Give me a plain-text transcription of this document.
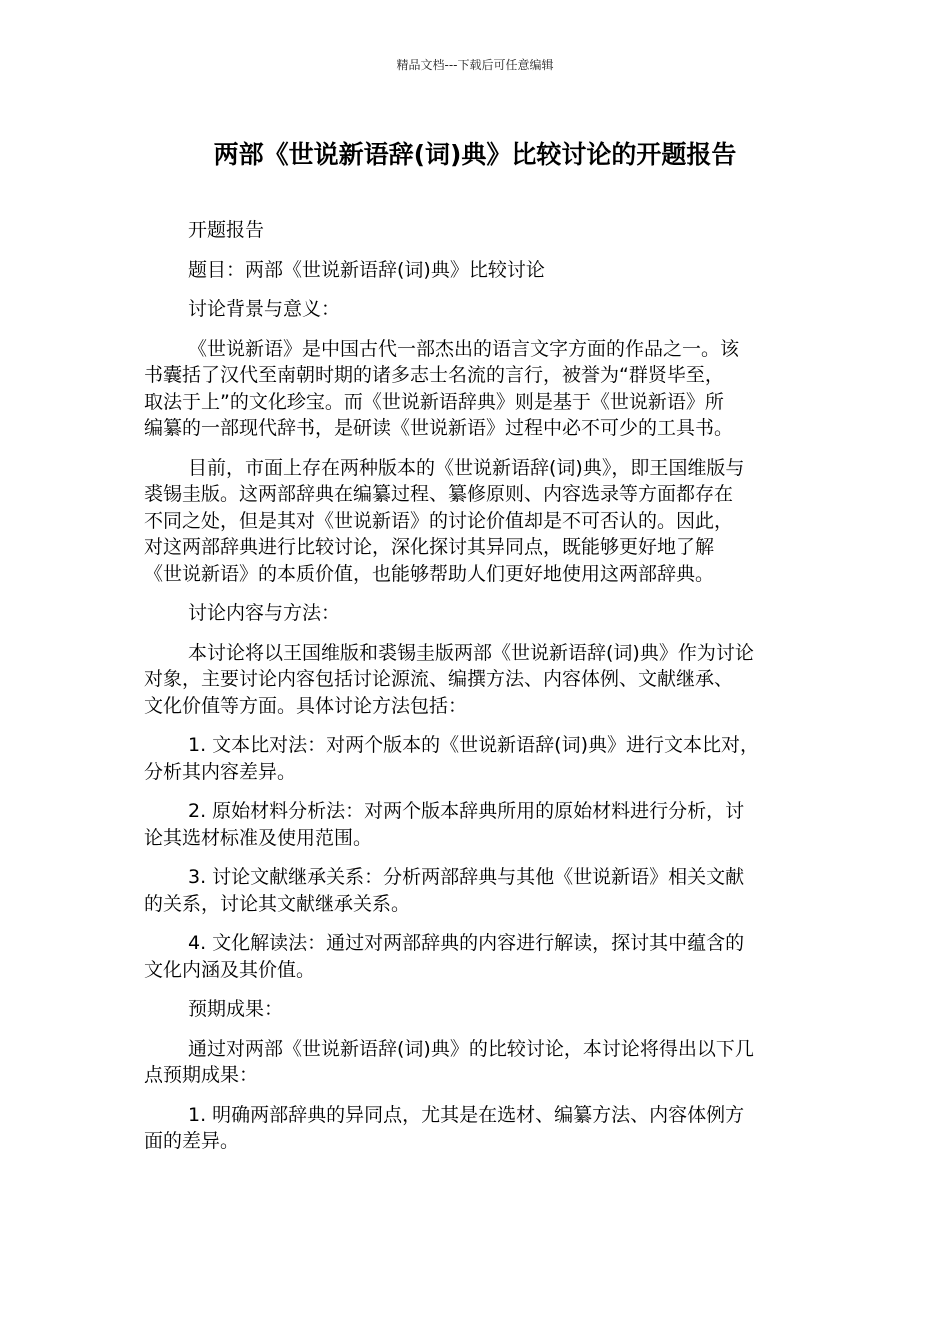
精品文档---下载后可任意编辑
两部《世说新语辞(词)典》比较讨论的开题报告
开题报告
题目：两部《世说新语辞(词)典》比较讨论
讨论背景与意义：
《世说新语》是中国古代一部杰出的语言文字方面的作品之一。该
书囊括了汉代至南朝时期的诸多志士名流的言行，被誉为“群贤毕至，
取法于上”的文化珍宝。而《世说新语辞典》则是基于《世说新语》所
编纂的一部现代辞书，是研读《世说新语》过程中必不可少的工具书。
目前，市面上存在两种版本的《世说新语辞(词)典》，即王国维版与
裘锡圭版。这两部辞典在编纂过程、纂修原则、内容选录等方面都存在
不同之处，但是其对《世说新语》的讨论价值却是不可否认的。因此，
对这两部辞典进行比较讨论，深化探讨其异同点，既能够更好地了解
《世说新语》的本质价值，也能够帮助人们更好地使用这两部辞典。
讨论内容与方法：
本讨论将以王国维版和裘锡圭版两部《世说新语辞(词)典》作为讨论
对象，主要讨论内容包括讨论源流、编撰方法、内容体例、文献继承、
文化价值等方面。具体讨论方法包括：
1. 文本比对法：对两个版本的《世说新语辞(词)典》进行文本比对，
分析其内容差异。
2. 原始材料分析法：对两个版本辞典所用的原始材料进行分析，讨
论其选材标准及使用范围。
3. 讨论文献继承关系：分析两部辞典与其他《世说新语》相关文献
的关系，讨论其文献继承关系。
4. 文化解读法：通过对两部辞典的内容进行解读，探讨其中蕴含的
文化内涵及其价值。
预期成果：
通过对两部《世说新语辞(词)典》的比较讨论，本讨论将得出以下几
点预期成果：
1. 明确两部辞典的异同点，尤其是在选材、编纂方法、内容体例方
面的差异。
